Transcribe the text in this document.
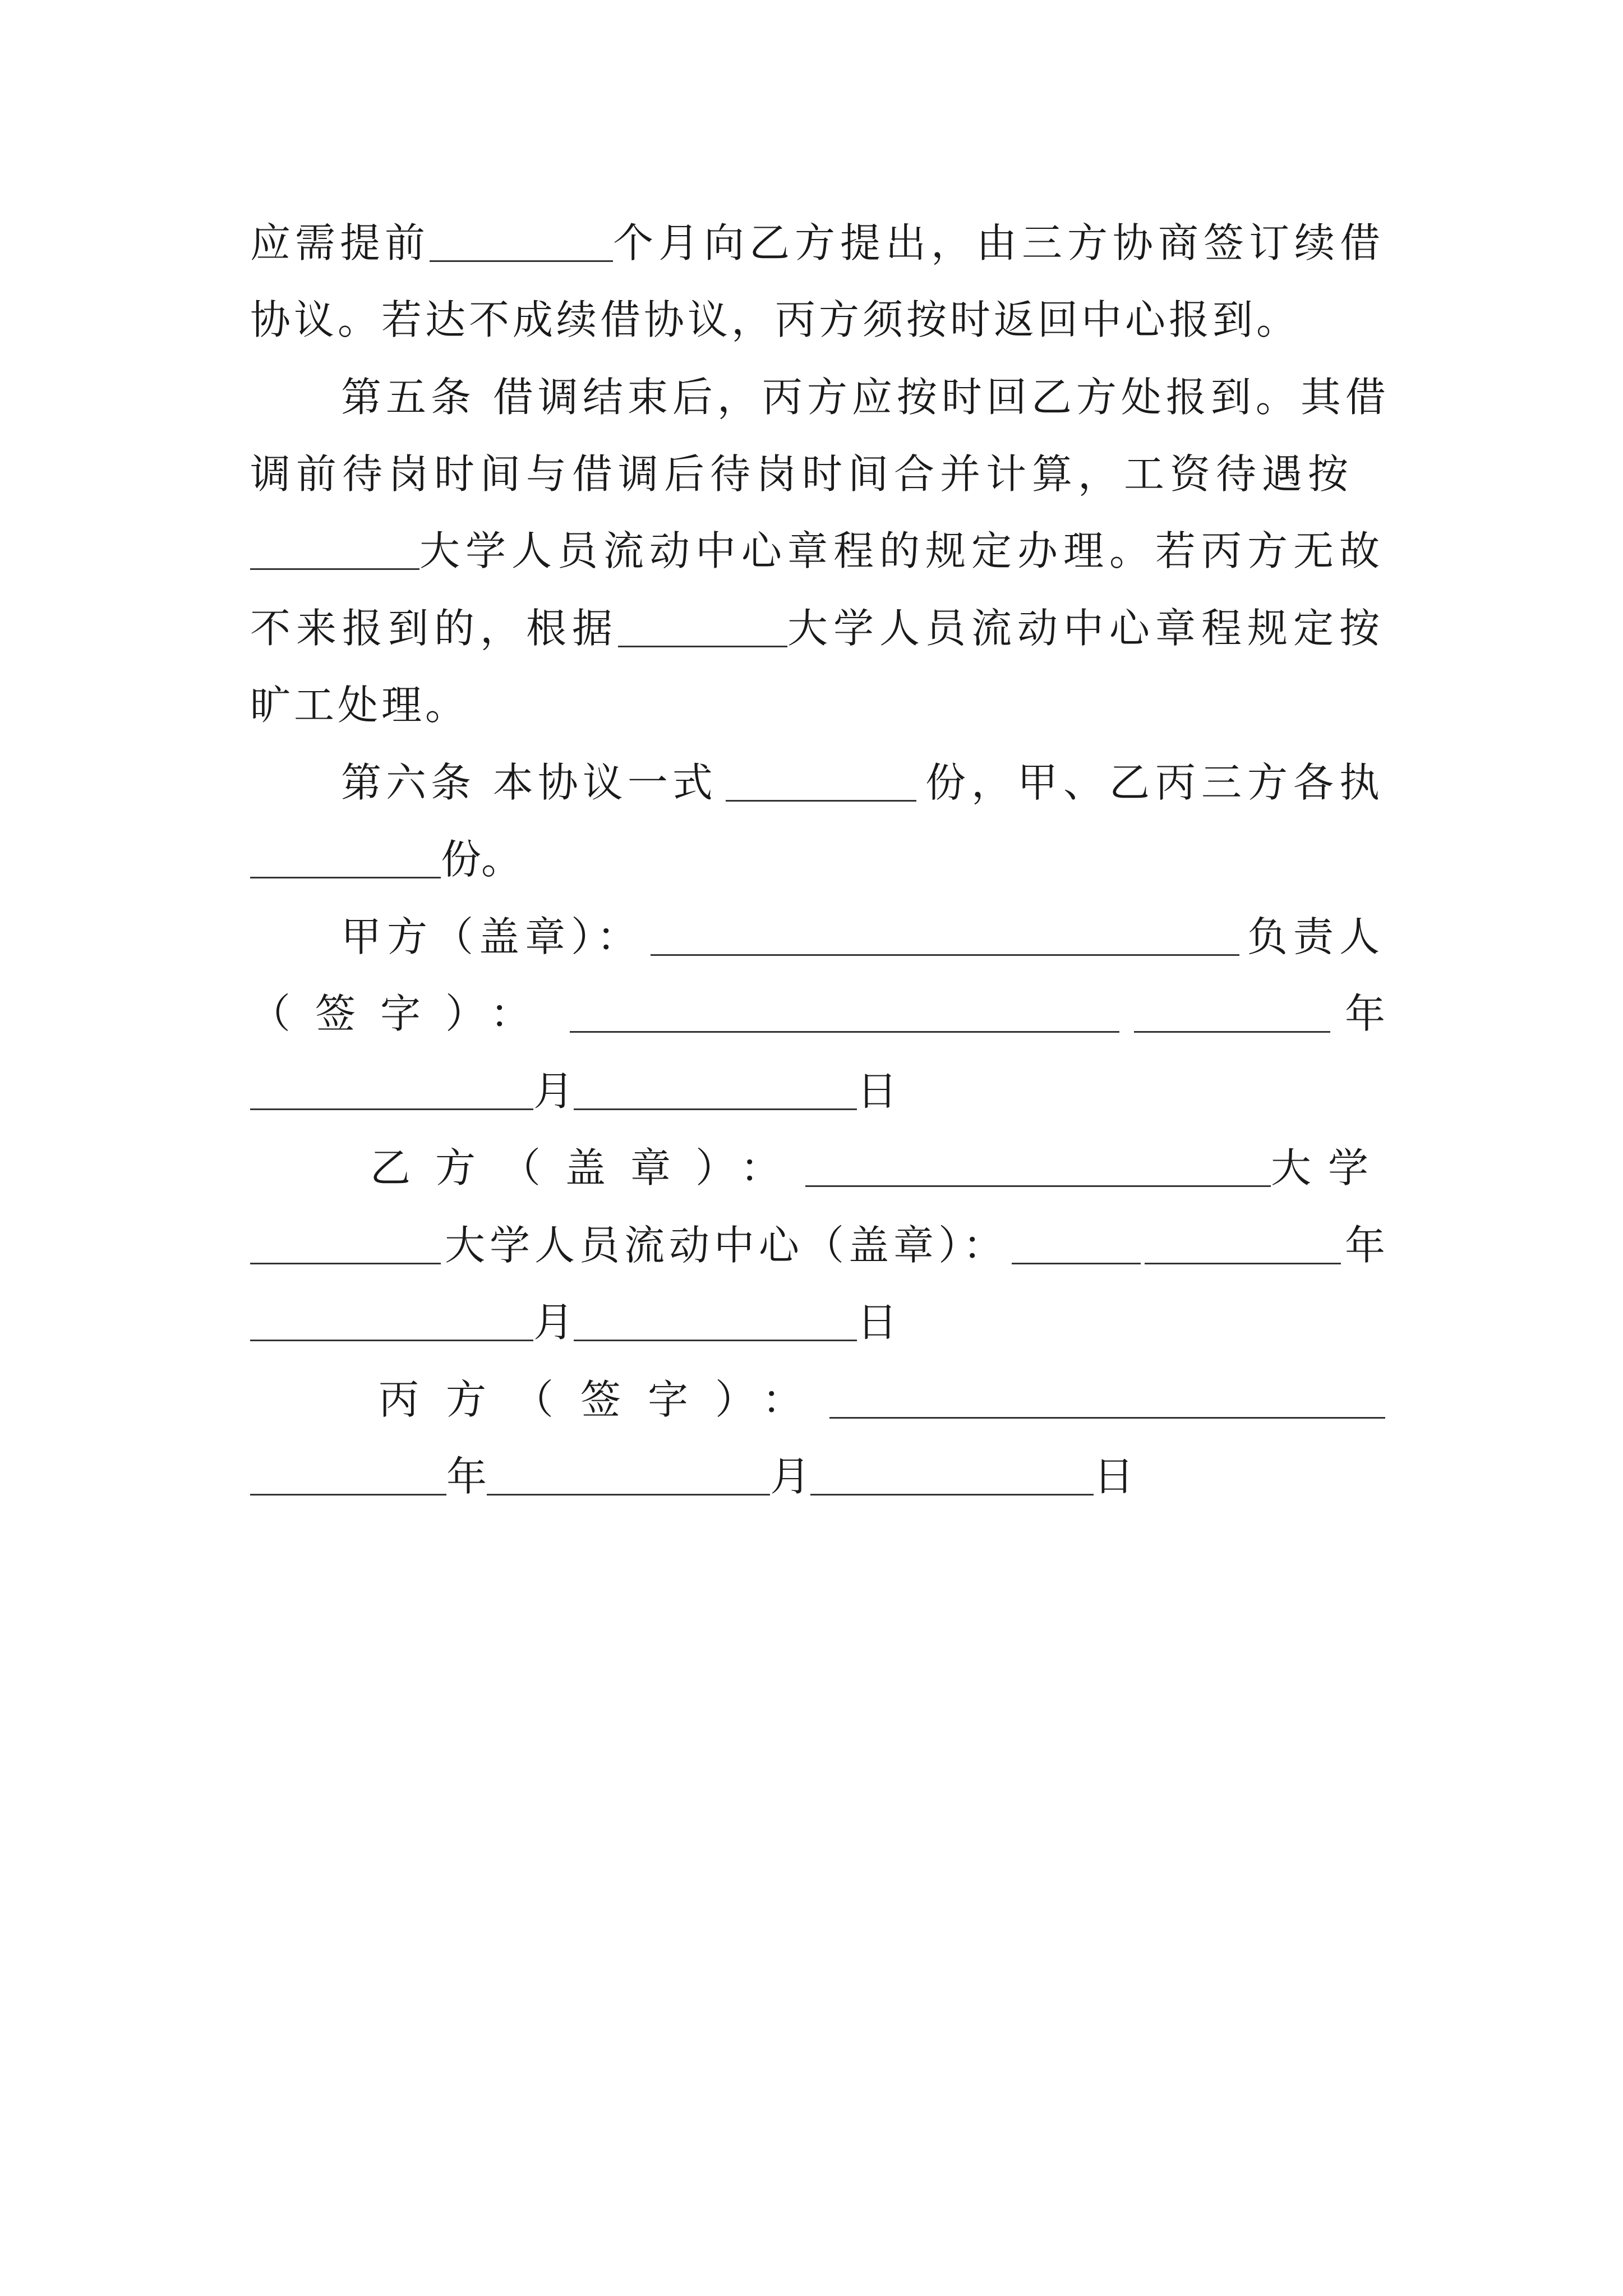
应需提前	个月向乙方提出，由三方协商签订续借
协议。若达不成续借协议，丙方须按时返回中心报到。
第五条 借调结束后，丙方应按时回乙方处报到。其借
调前待岗时间与借调后待岗时间合并计算，工资待遇按
大学人员流动中心章程的规定办理。若丙方无故
不来报到的，根据	大学人员流动中心章程规定按
旷工处理。
第六条 本协议一式	份，甲、乙丙三方各执
份。
甲方（盖章）：	负责人
（签字）：	年
月	日
乙方（盖章）：	大学
大学人员流动中心（盖章）：	年
月	日
丙方（签字）：
年	月	日
